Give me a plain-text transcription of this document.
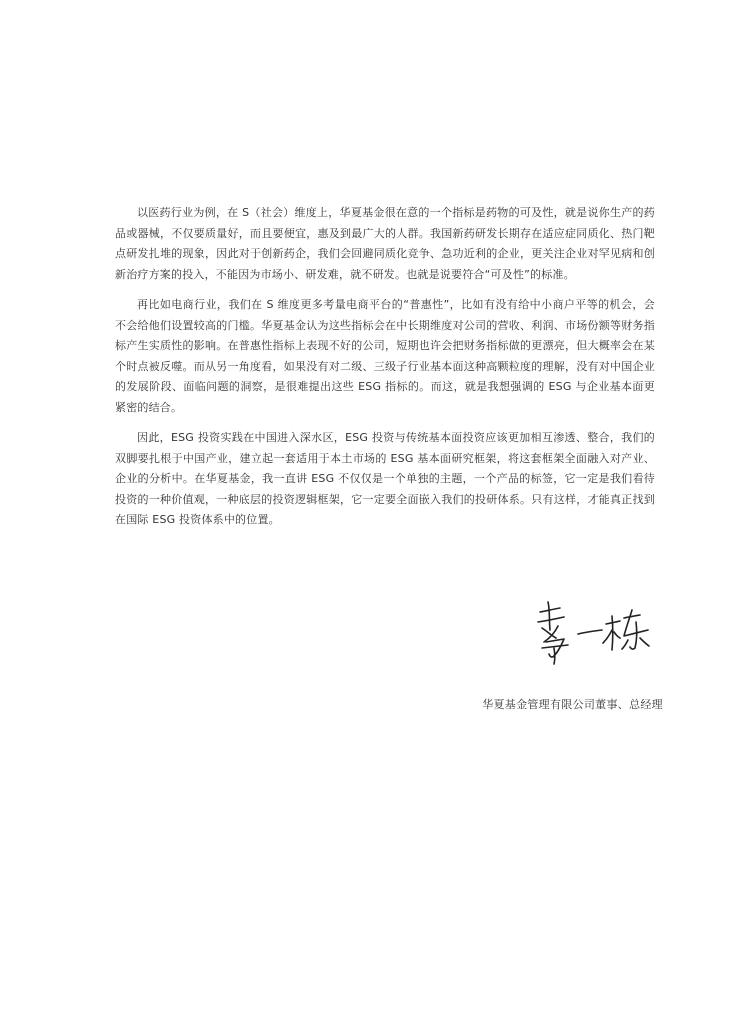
以医药行业为例，在 S（社会）维度上，华夏基金很在意的一个指标是药物的可及性，就是说你生产的药品或器械，不仅要质量好，而且要便宜，惠及到最广大的人群。我国新药研发长期存在适应症同质化、热门靶点研发扎堆的现象，因此对于创新药企，我们会回避同质化竞争、急功近利的企业，更关注企业对罕见病和创新治疗方案的投入，不能因为市场小、研发难，就不研发。也就是说要符合“可及性”的标准。

再比如电商行业，我们在 S 维度更多考量电商平台的“普惠性”，比如有没有给中小商户平等的机会，会不会给他们设置较高的门槛。华夏基金认为这些指标会在中长期维度对公司的营收、利润、市场份额等财务指标产生实质性的影响。在普惠性指标上表现不好的公司，短期也许会把财务指标做的更漂亮，但大概率会在某个时点被反噬。而从另一角度看，如果没有对二级、三级子行业基本面这种高颗粒度的理解，没有对中国企业的发展阶段、面临问题的洞察，是很难提出这些 ESG 指标的。而这，就是我想强调的 ESG 与企业基本面更紧密的结合。

因此，ESG 投资实践在中国进入深水区，ESG 投资与传统基本面投资应该更加相互渗透、整合，我们的双脚要扎根于中国产业，建立起一套适用于本土市场的 ESG 基本面研究框架，将这套框架全面融入对产业、企业的分析中。在华夏基金，我一直讲 ESG 不仅仅是一个单独的主题，一个产品的标签，它一定是我们看待投资的一种价值观，一种底层的投资逻辑框架，它一定要全面嵌入我们的投研体系。只有这样，才能真正找到在国际 ESG 投资体系中的位置。

华夏基金管理有限公司董事、总经理
